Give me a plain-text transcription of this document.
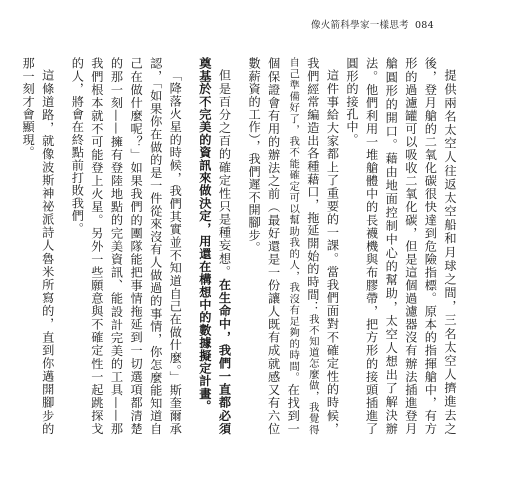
像火箭科學家一樣思考 084

提供兩名太空人往返太空船和月球之間，三名太空人擠進去之後，登月艙的二氧化碳很快達到危險指標。原本的指揮艙中，有方形的過濾罐可以吸收二氧化碳，但是這個過濾器沒有辦法插進登月艙圓形的開口。藉由地面控制中心的幫助，太空人想出了解決辦法。他們利用一堆艙體中的長襪機與布膠帶，把方形的接頭插進了圓形的接孔中。

這件事給大家都上了重要的一課。當我們面對不確定性的時候，我們經常編造出各種藉口，拖延開始的時間：我不知道怎麼做，我覺得自己準備好了，我不能確定可以幫助我的人，我沒有足夠的時間。在找到一個保證會有用的辦法之前（最好還是一份讓人既有成就感又有六位數薪資的工作），我們遲不開腳步。

但是百分之百的確定性只是種妄想。在生命中，我們一直都必須奠基於不完美的資訊來做決定，用還在構想中的數據擬定計畫。

「降落火星的時候，我們其實並不知道自己在做什麼。」斯奎爾承認，「如果你在做的是一件從來沒有人做過的事情，你怎麼能知道自己在做什麼呢？」如果我們的團隊能把事情拖延到一切選項都清楚的那一刻——擁有登陸地點的完美資訊、能設計完美的工具——那我們根本就不可能登上火星。另外一些願意與不確定性一起跳探戈的人，將會在終點前打敗我們。

這條道路，就像波斯神祕派詩人魯米所寫的，直到你邁開腳步的那一刻才會顯現。
